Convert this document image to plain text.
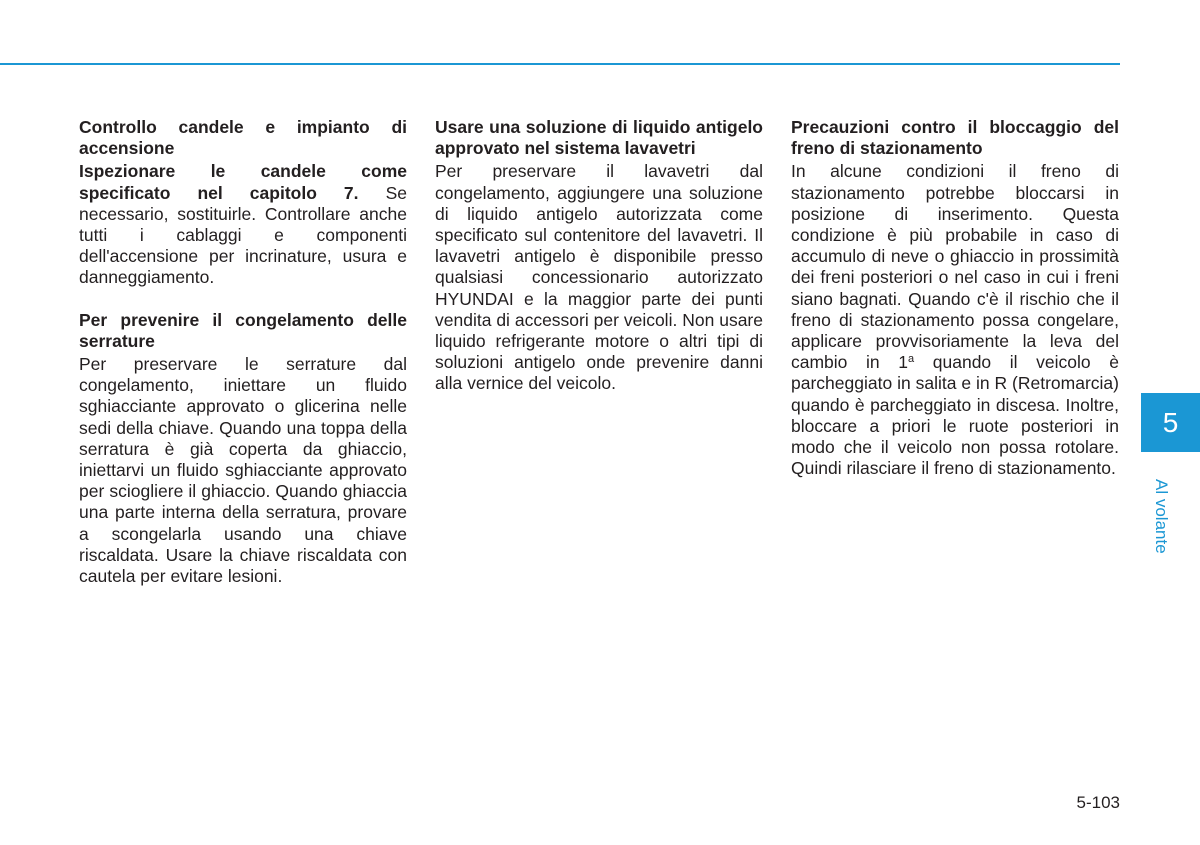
Controllo candele e impianto di accensione

Ispezionare le candele come specificato nel capitolo 7. Se necessario, sostituirle. Controllare anche tutti i cablaggi e componenti dell'accensione per incrinature, usura e danneggiamento.

Per prevenire il congelamento delle serrature

Per preservare le serrature dal congelamento, iniettare un fluido sghiacciante approvato o glicerina nelle sedi della chiave. Quando una toppa della serratura è già coperta da ghiaccio, iniettarvi un fluido sghiacciante approvato per sciogliere il ghiaccio. Quando ghiaccia una parte interna della serratura, provare a scongelarla usando una chiave riscaldata. Usare la chiave riscaldata con cautela per evitare lesioni.

Usare una soluzione di liquido antigelo approvato nel sistema lavavetri

Per preservare il lavavetri dal congelamento, aggiungere una soluzione di liquido antigelo autorizzata come specificato sul contenitore del lavavetri. Il lavavetri antigelo è disponibile presso qualsiasi concessionario autorizzato HYUNDAI e la maggior parte dei punti vendita di accessori per veicoli. Non usare liquido refrigerante motore o altri tipi di soluzioni antigelo onde prevenire danni alla vernice del veicolo.

Precauzioni contro il bloccaggio del freno di stazionamento

In alcune condizioni il freno di stazionamento potrebbe bloccarsi in posizione di inserimento. Questa condizione è più probabile in caso di accumulo di neve o ghiaccio in prossimità dei freni posteriori o nel caso in cui i freni siano bagnati. Quando c'è il rischio che il freno di stazionamento possa congelare, applicare provvisoriamente la leva del cambio in 1$^a$ quando il veicolo è parcheggiato in salita e in R (Retromarcia) quando è parcheggiato in discesa. Inoltre, bloccare a priori le ruote posteriori in modo che il veicolo non possa rotolare. Quindi rilasciare il freno di stazionamento.

5
Al volante
5-103
